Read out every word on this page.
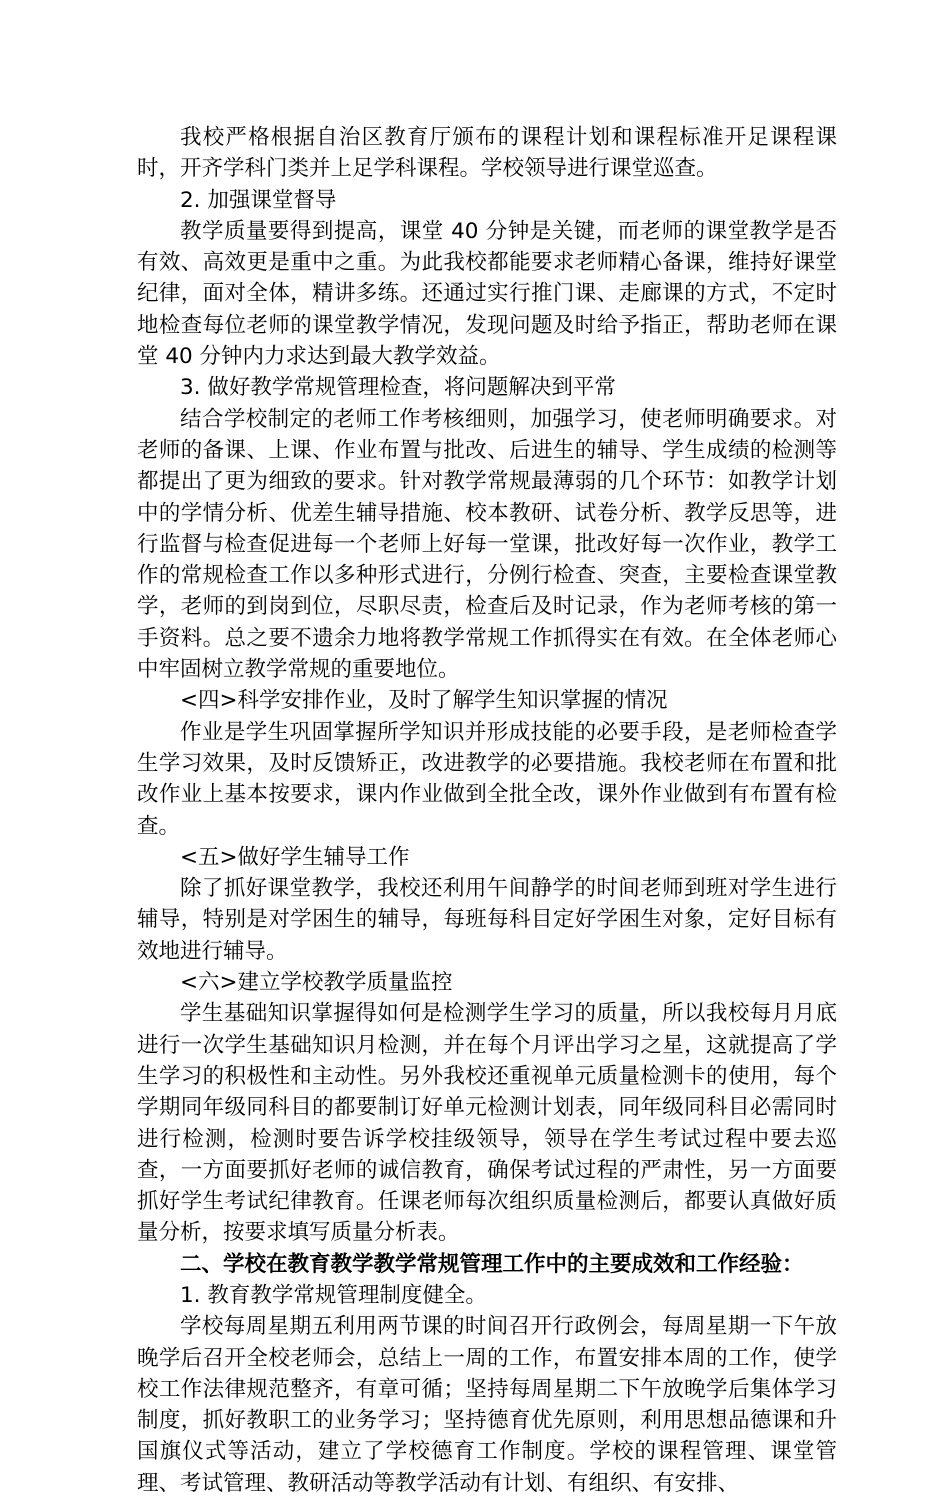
我校严格根据自治区教育厅颁布的课程计划和课程标准开足课程课时，开齐学科门类并上足学科课程。学校领导进行课堂巡查。

2. 加强课堂督导

教学质量要得到提高，课堂 40 分钟是关键，而老师的课堂教学是否有效、高效更是重中之重。为此我校都能要求老师精心备课，维持好课堂纪律，面对全体，精讲多练。还通过实行推门课、走廊课的方式，不定时地检查每位老师的课堂教学情况，发现问题及时给予指正，帮助老师在课堂 40 分钟内力求达到最大教学效益。

3. 做好教学常规管理检查，将问题解决到平常

结合学校制定的老师工作考核细则，加强学习，使老师明确要求。对老师的备课、上课、作业布置与批改、后进生的辅导、学生成绩的检测等都提出了更为细致的要求。针对教学常规最薄弱的几个环节：如教学计划中的学情分析、优差生辅导措施、校本教研、试卷分析、教学反思等，进行监督与检查促进每一个老师上好每一堂课，批改好每一次作业，教学工作的常规检查工作以多种形式进行，分例行检查、突查，主要检查课堂教学，老师的到岗到位，尽职尽责，检查后及时记录，作为老师考核的第一手资料。总之要不遗余力地将教学常规工作抓得实在有效。在全体老师心中牢固树立教学常规的重要地位。

<四>科学安排作业，及时了解学生知识掌握的情况

作业是学生巩固掌握所学知识并形成技能的必要手段，是老师检查学生学习效果，及时反馈矫正，改进教学的必要措施。我校老师在布置和批改作业上基本按要求，课内作业做到全批全改，课外作业做到有布置有检查。

<五>做好学生辅导工作

除了抓好课堂教学，我校还利用午间静学的时间老师到班对学生进行辅导，特别是对学困生的辅导，每班每科目定好学困生对象，定好目标有效地进行辅导。

<六>建立学校教学质量监控

学生基础知识掌握得如何是检测学生学习的质量，所以我校每月月底进行一次学生基础知识月检测，并在每个月评出学习之星，这就提高了学生学习的积极性和主动性。另外我校还重视单元质量检测卡的使用，每个学期同年级同科目的都要制订好单元检测计划表，同年级同科目必需同时进行检测，检测时要告诉学校挂级领导，领导在学生考试过程中要去巡查，一方面要抓好老师的诚信教育，确保考试过程的严肃性，另一方面要抓好学生考试纪律教育。任课老师每次组织质量检测后，都要认真做好质量分析，按要求填写质量分析表。

二、学校在教育教学教学常规管理工作中的主要成效和工作经验：

1. 教育教学常规管理制度健全。

学校每周星期五利用两节课的时间召开行政例会，每周星期一下午放晚学后召开全校老师会，总结上一周的工作，布置安排本周的工作，使学校工作法律规范整齐，有章可循；坚持每周星期二下午放晚学后集体学习制度，抓好教职工的业务学习；坚持德育优先原则，利用思想品德课和升国旗仪式等活动，建立了学校德育工作制度。学校的课程管理、课堂管理、考试管理、教研活动等教学活动有计划、有组织、有安排、
